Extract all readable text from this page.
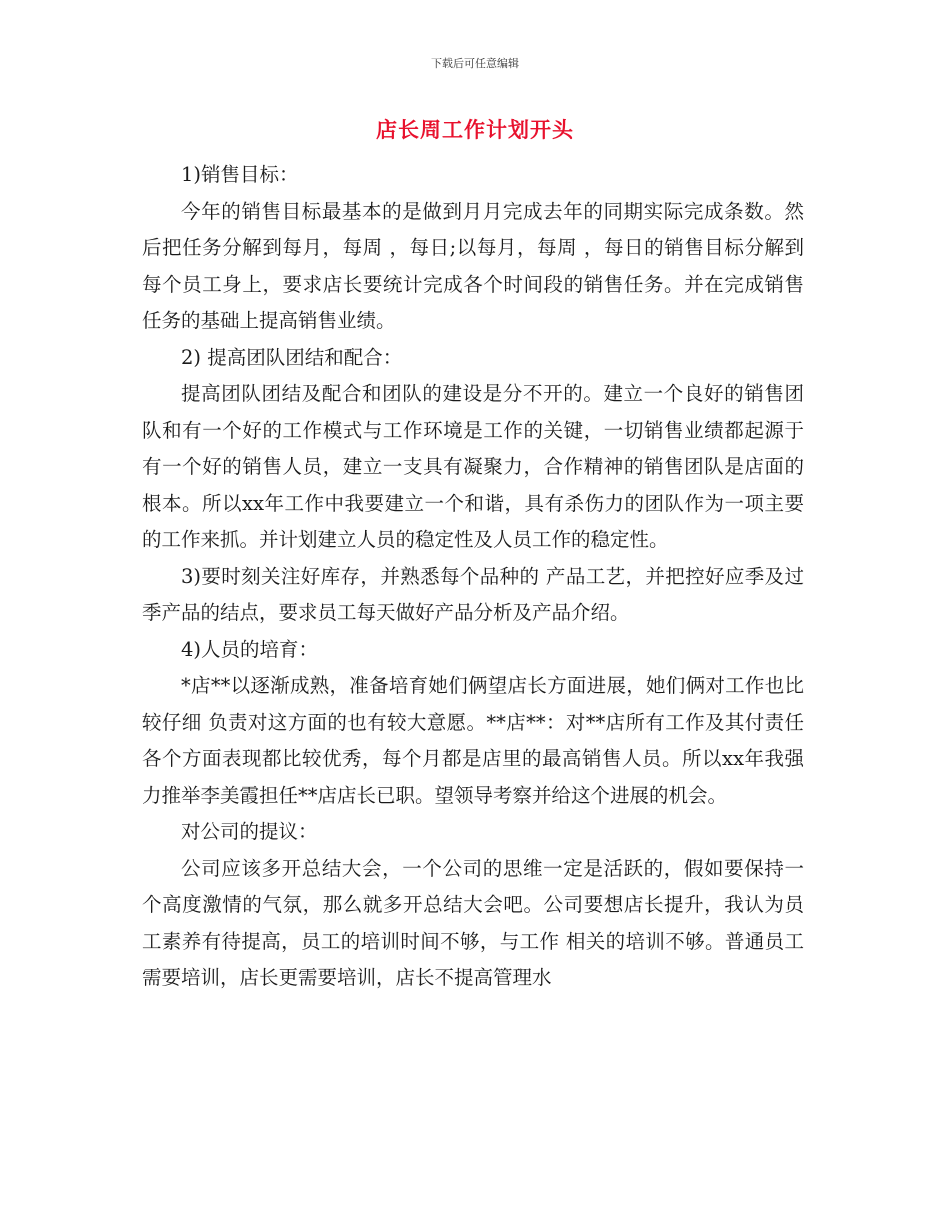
下载后可任意编辑
店长周工作计划开头

1)销售目标：

今年的销售目标最基本的是做到月月完成去年的同期实际完成条数。然后把任务分解到每月，每周 ，每日;以每月，每周 ，每日的销售目标分解到每个员工身上，要求店长要统计完成各个时间段的销售任务。并在完成销售任务的基础上提高销售业绩。

2) 提高团队团结和配合：

提高团队团结及配合和团队的建设是分不开的。建立一个良好的销售团队和有一个好的工作模式与工作环境是工作的关键，一切销售业绩都起源于有一个好的销售人员，建立一支具有凝聚力，合作精神的销售团队是店面的根本。所以xx年工作中我要建立一个和谐，具有杀伤力的团队作为一项主要的工作来抓。并计划建立人员的稳定性及人员工作的稳定性。

3)要时刻关注好库存，并熟悉每个品种的 产品工艺，并把控好应季及过季产品的结点，要求员工每天做好产品分析及产品介绍。

4)人员的培育：

*店**以逐渐成熟，准备培育她们俩望店长方面进展，她们俩对工作也比较仔细 负责对这方面的也有较大意愿。**店**：对**店所有工作及其付责任各个方面表现都比较优秀，每个月都是店里的最高销售人员。所以xx年我强力推举李美霞担任**店店长已职。望领导考察并给这个进展的机会。

对公司的提议：

公司应该多开总结大会，一个公司的思维一定是活跃的，假如要保持一个高度激情的气氛，那么就多开总结大会吧。公司要想店长提升，我认为员工素养有待提高，员工的培训时间不够，与工作 相关的培训不够。普通员工需要培训，店长更需要培训，店长不提高管理水
